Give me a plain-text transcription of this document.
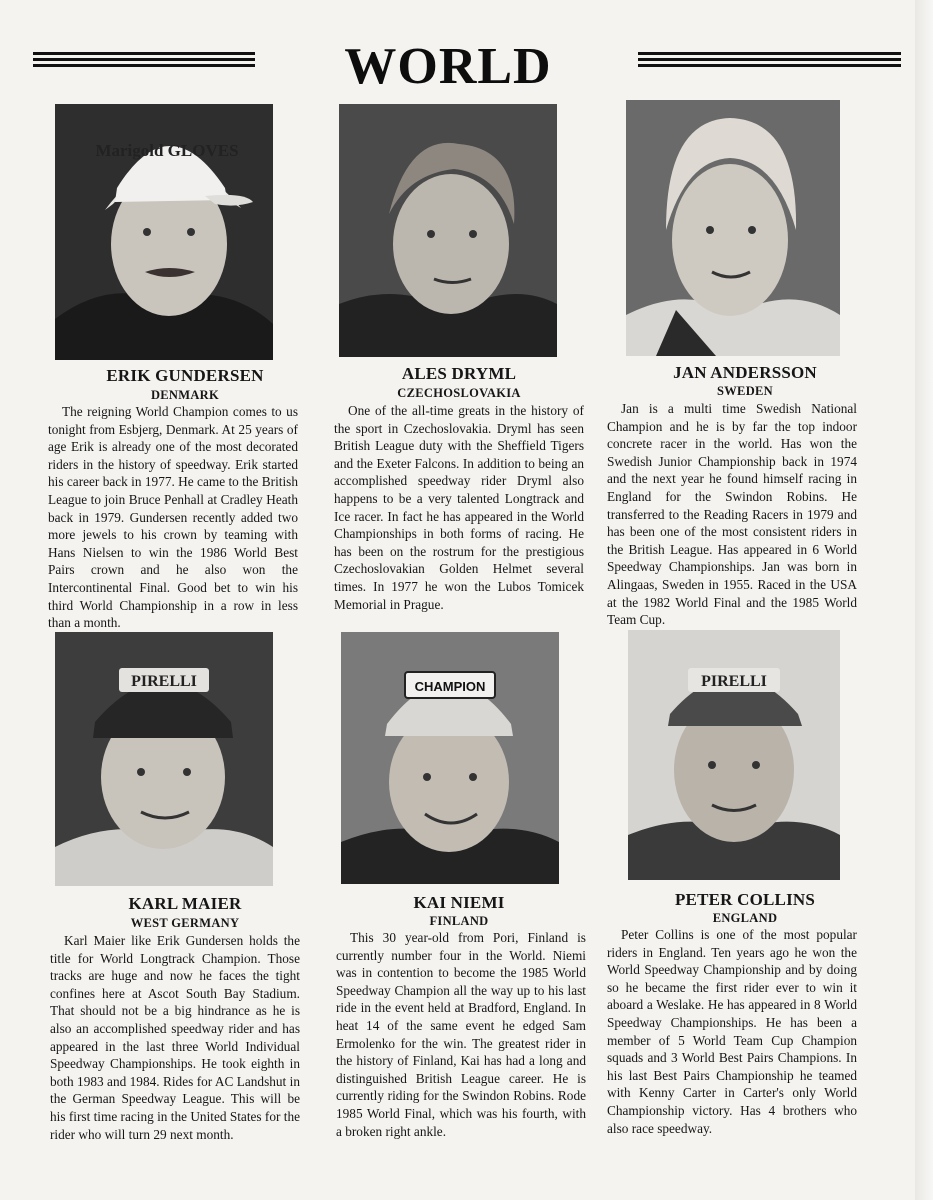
WORLD
Marigold GLOVES
ERIK GUNDERSEN
DENMARK

The reigning World Champion comes to us tonight from Esbjerg, Denmark. At 25 years of age Erik is already one of the most decorated riders in the history of speedway. Erik started his career back in 1977. He came to the British League to join Bruce Penhall at Cradley Heath back in 1979. Gundersen recently added two more jewels to his crown by teaming with Hans Nielsen to win the 1986 World Best Pairs crown and he also won the Intercontinental Final. Good bet to win his third World Championship in a row in less than a month.

ALES DRYML
CZECHOSLOVAKIA

One of the all-time greats in the history of the sport in Czechoslovakia. Dryml has seen British League duty with the Sheffield Tigers and the Exeter Falcons. In addition to being an accomplished speedway rider Dryml also happens to be a very talented Longtrack and Ice racer. In fact he has appeared in the World Championships in both forms of racing. He has been on the rostrum for the prestigious Czechoslovakian Golden Helmet several times. In 1977 he won the Lubos Tomicek Memorial in Prague.

JAN ANDERSSON
SWEDEN

Jan is a multi time Swedish National Champion and he is by far the top indoor concrete racer in the world. Has won the Swedish Junior Championship back in 1974 and the next year he found himself racing in England for the Swindon Robins. He transferred to the Reading Racers in 1979 and has been one of the most consistent riders in the British League. Has appeared in 6 World Speedway Championships. Jan was born in Alingaas, Sweden in 1955. Raced in the USA at the 1982 World Final and the 1985 World Team Cup.

PIRELLI
KARL MAIER
WEST GERMANY

Karl Maier like Erik Gundersen holds the title for World Longtrack Champion. Those tracks are huge and now he faces the tight confines here at Ascot South Bay Stadium. That should not be a big hindrance as he is also an accomplished speedway rider and has appeared in the last three World Individual Speedway Championships. He took eighth in both 1983 and 1984. Rides for AC Landshut in the German Speedway League. This will be his first time racing in the United States for the rider who will turn 29 next month.

CHAMPION
KAI NIEMI
FINLAND

This 30 year-old from Pori, Finland is currently number four in the World. Niemi was in contention to become the 1985 World Speedway Champion all the way up to his last ride in the event held at Bradford, England. In heat 14 of the same event he edged Sam Ermolenko for the win. The greatest rider in the history of Finland, Kai has had a long and distinguished British League career. He is currently riding for the Swindon Robins. Rode 1985 World Final, which was his fourth, with a broken right ankle.

PIRELLI
PETER COLLINS
ENGLAND

Peter Collins is one of the most popular riders in England. Ten years ago he won the World Speedway Championship and by doing so he became the first rider ever to win it aboard a Weslake. He has appeared in 8 World Speedway Championships. He has been a member of 5 World Team Cup Champion squads and 3 World Best Pairs Champions. In his last Best Pairs Championship he teamed with Kenny Carter in Carter's only World Championship victory. Has 4 brothers who also race speedway.
